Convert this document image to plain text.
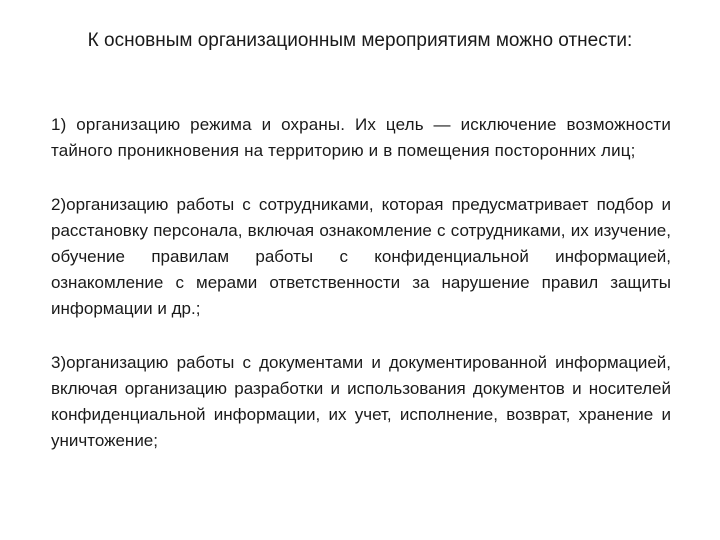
К основным организационным мероприятиям можно отнести:

1) организацию режима и охраны. Их цель — исключение возможности тайного проникновения на территорию и в помещения посторонних лиц;

2)организацию работы с сотрудниками, которая предусматривает подбор и расстановку персонала, включая ознакомление с сотрудниками, их изучение, обучение правилам работы с конфиденциальной информацией, ознакомление с мерами ответственности за нарушение правил защиты информации и др.;

3)организацию работы с документами и документированной информацией, включая организацию разработки и использования документов и носителей конфиденциальной информации, их учет, исполнение, возврат, хранение и уничтожение;
